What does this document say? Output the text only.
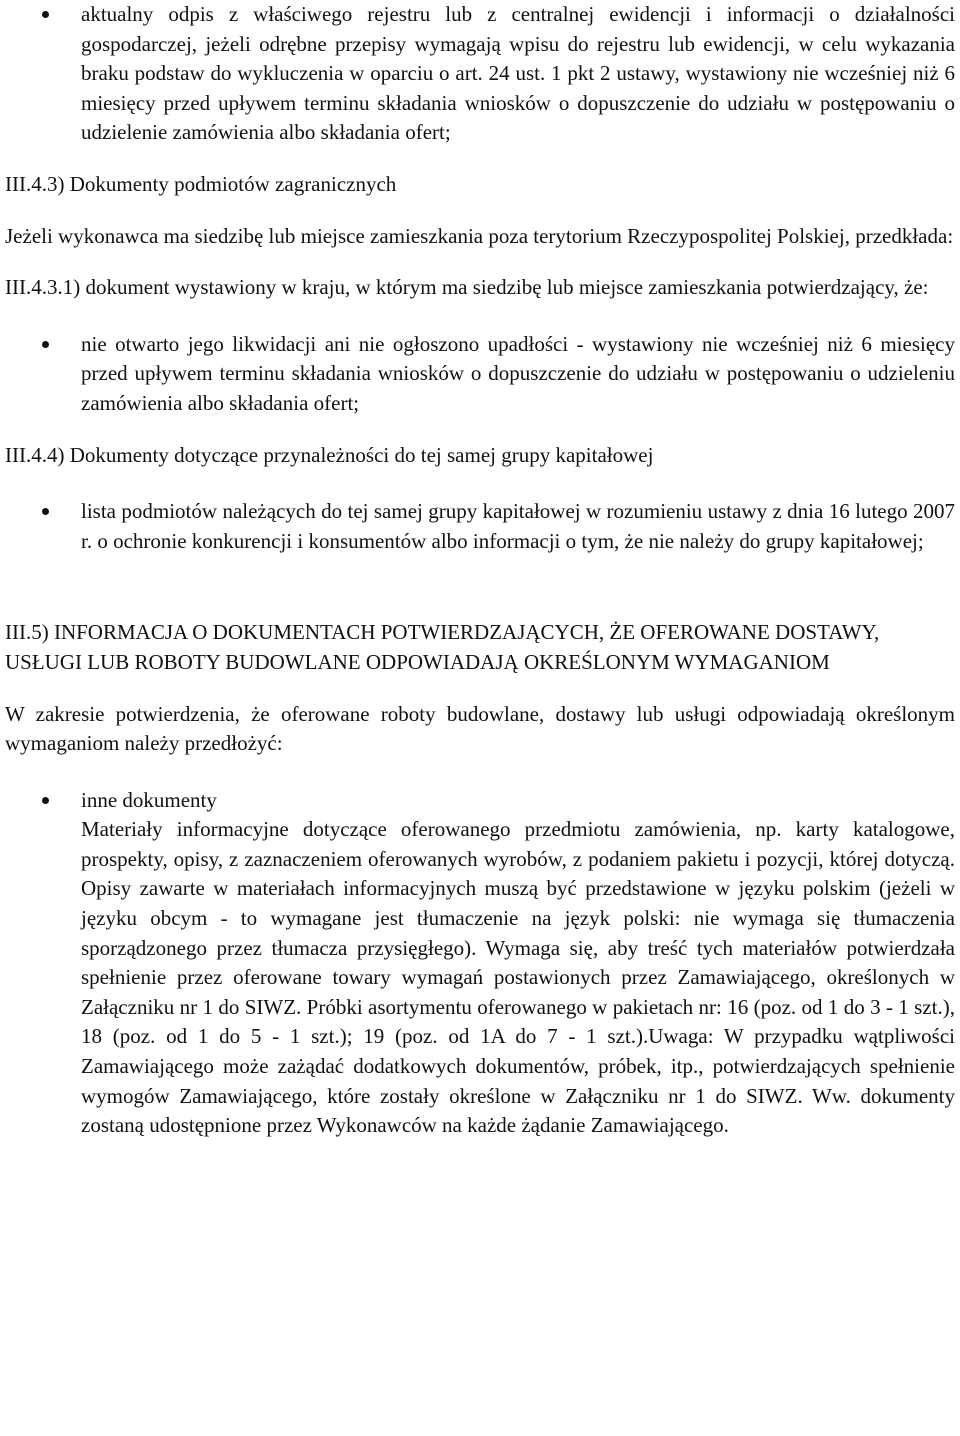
aktualny odpis z właściwego rejestru lub z centralnej ewidencji i informacji o działalności gospodarczej, jeżeli odrębne przepisy wymagają wpisu do rejestru lub ewidencji, w celu wykazania braku podstaw do wykluczenia w oparciu o art. 24 ust. 1 pkt 2 ustawy, wystawiony nie wcześniej niż 6 miesięcy przed upływem terminu składania wniosków o dopuszczenie do udziału w postępowaniu o udzielenie zamówienia albo składania ofert;

III.4.3) Dokumenty podmiotów zagranicznych

Jeżeli wykonawca ma siedzibę lub miejsce zamieszkania poza terytorium Rzeczypospolitej Polskiej, przedkłada:

III.4.3.1) dokument wystawiony w kraju, w którym ma siedzibę lub miejsce zamieszkania potwierdzający, że:

nie otwarto jego likwidacji ani nie ogłoszono upadłości - wystawiony nie wcześniej niż 6 miesięcy przed upływem terminu składania wniosków o dopuszczenie do udziału w postępowaniu o udzieleniu zamówienia albo składania ofert;

III.4.4) Dokumenty dotyczące przynależności do tej samej grupy kapitałowej

lista podmiotów należących do tej samej grupy kapitałowej w rozumieniu ustawy z dnia 16 lutego 2007 r. o ochronie konkurencji i konsumentów albo informacji o tym, że nie należy do grupy kapitałowej;

III.5) INFORMACJA O DOKUMENTACH POTWIERDZAJĄCYCH, ŻE OFEROWANE DOSTAWY, USŁUGI LUB ROBOTY BUDOWLANE ODPOWIADAJĄ OKREŚLONYM WYMAGANIOM

W zakresie potwierdzenia, że oferowane roboty budowlane, dostawy lub usługi odpowiadają określonym wymaganiom należy przedłożyć:

inne dokumenty
Materiały informacyjne dotyczące oferowanego przedmiotu zamówienia, np. karty katalogowe, prospekty, opisy, z zaznaczeniem oferowanych wyrobów, z podaniem pakietu i pozycji, której dotyczą. Opisy zawarte w materiałach informacyjnych muszą być przedstawione w języku polskim (jeżeli w języku obcym - to wymagane jest tłumaczenie na język polski: nie wymaga się tłumaczenia sporządzonego przez tłumacza przysięgłego). Wymaga się, aby treść tych materiałów potwierdzała spełnienie przez oferowane towary wymagań postawionych przez Zamawiającego, określonych w Załączniku nr 1 do SIWZ. Próbki asortymentu oferowanego w pakietach nr: 16 (poz. od 1 do 3 - 1 szt.), 18 (poz. od 1 do 5 - 1 szt.); 19 (poz. od 1A do 7 - 1 szt.).Uwaga: W przypadku wątpliwości Zamawiającego może zażądać dodatkowych dokumentów, próbek, itp., potwierdzających spełnienie wymogów Zamawiającego, które zostały określone w Załączniku nr 1 do SIWZ. Ww. dokumenty zostaną udostępnione przez Wykonawców na każde żądanie Zamawiającego.
